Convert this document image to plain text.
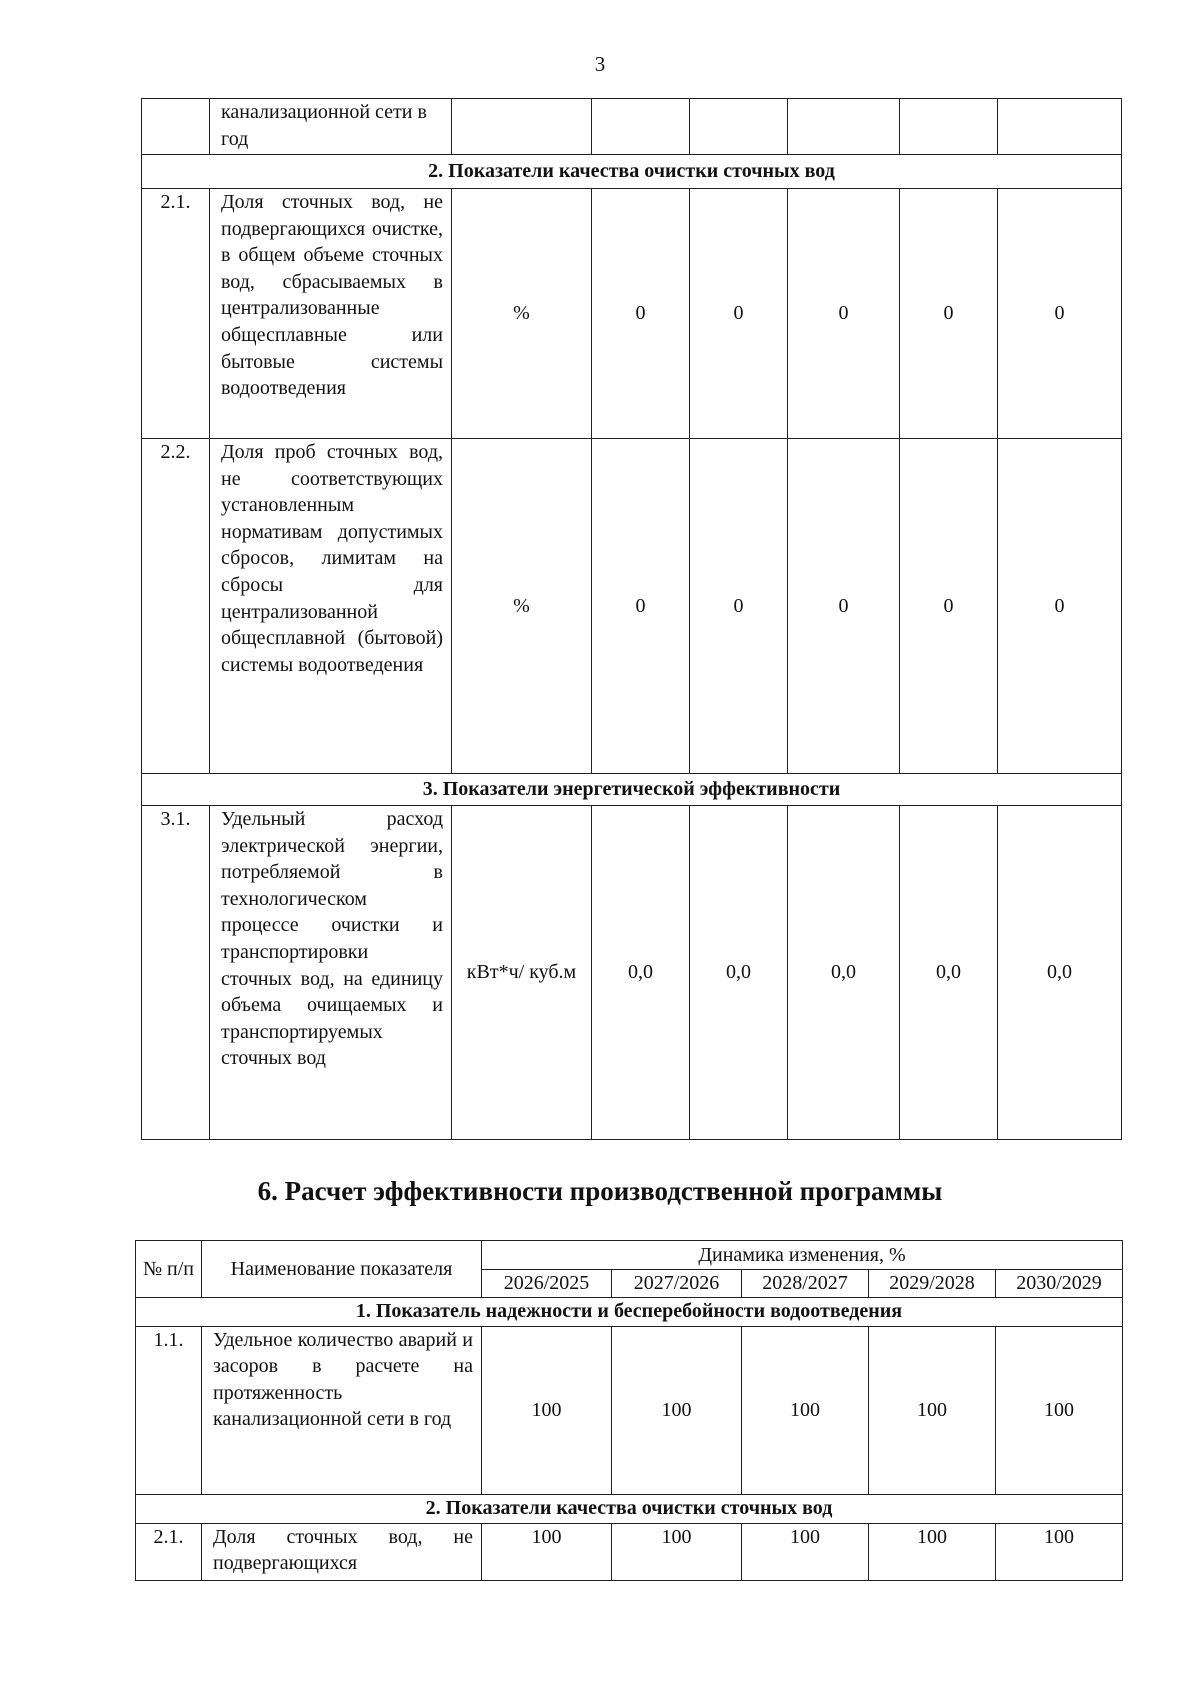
3
	канализационной сети в год						
2. Показатели качества очистки сточных вод							
2.1.	Доля сточных вод, не подвергающихся очистке, в общем объеме сточных вод, сбрасываемых в централизованные общесплавные или бытовые системы водоотведения	%	0	0	0	0	0
2.2.	Доля проб сточных вод, не соответствующих установленным нормативам допустимых сбросов, лимитам на сбросы для централизованной общесплавной (бытовой) системы водоотведения	%	0	0	0	0	0
3. Показатели энергетической эффективности							
3.1.	Удельный расход электрической энергии, потребляемой в технологическом процессе очистки и транспортировки сточных вод, на единицу объема очищаемых и транспортируемых сточных вод	кВт*ч/ куб.м	0,0	0,0	0,0	0,0	0,0
6. Расчет эффективности производственной программы
№ п/п	Наименование показателя	Динамика изменения, %				
		2026/2025	2027/2026	2028/2027	2029/2028	2030/2029
1. Показатель надежности и бесперебойности водоотведения						
1.1.	Удельное количество аварий и засоров в расчете на протяженность канализационной сети в год	100	100	100	100	100
2. Показатели качества очистки сточных вод						
2.1.	Доля сточных вод, не подвергающихся	100	100	100	100	100
